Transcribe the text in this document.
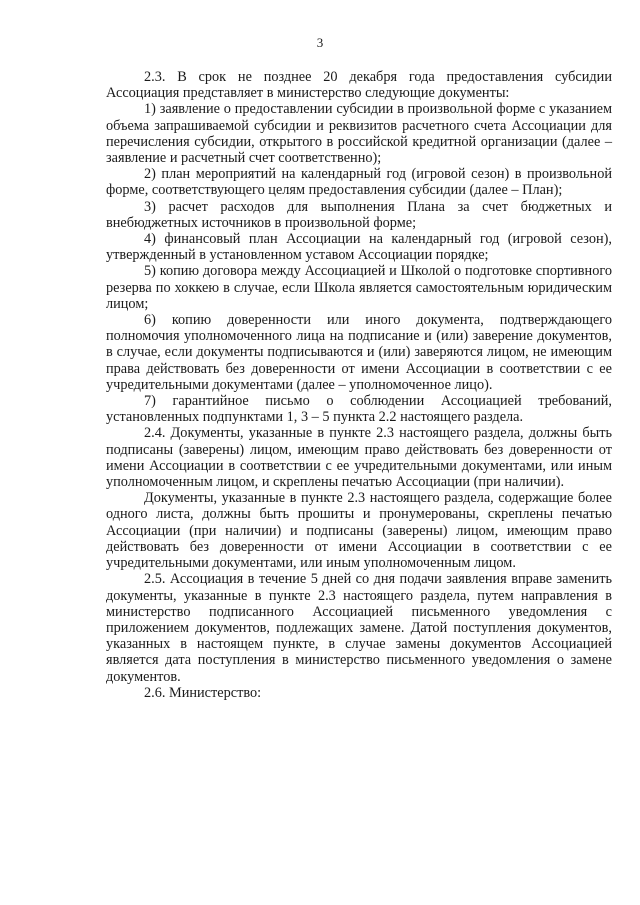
3

2.3. В срок не позднее 20 декабря года предоставления субсидии Ассоциация представляет в министерство следующие документы:

1) заявление о предоставлении субсидии в произвольной форме с указанием объема запрашиваемой субсидии и реквизитов расчетного счета Ассоциации для перечисления субсидии, открытого в российской кредитной организации (далее – заявление и расчетный счет соответственно);

2) план мероприятий на календарный год (игровой сезон) в произвольной форме, соответствующего целям предоставления субсидии (далее – План);

3) расчет расходов для выполнения Плана за счет бюджетных и внебюджетных источников в произвольной форме;

4) финансовый план Ассоциации на календарный год (игровой сезон), утвержденный в установленном уставом Ассоциации порядке;

5) копию договора между Ассоциацией и Школой о подготовке спортивного резерва по хоккею в случае, если Школа является самостоятельным юридическим лицом;

6) копию доверенности или иного документа, подтверждающего полномочия уполномоченного лица на подписание и (или) заверение документов, в случае, если документы подписываются и (или) заверяются лицом, не имеющим права действовать без доверенности от имени Ассоциации в соответствии с ее учредительными документами (далее – уполномоченное лицо).

7) гарантийное письмо о соблюдении Ассоциацией требований, установленных подпунктами 1, 3 – 5 пункта 2.2 настоящего раздела.

2.4. Документы, указанные в пункте 2.3 настоящего раздела, должны быть подписаны (заверены) лицом, имеющим право действовать без доверенности от имени Ассоциации в соответствии с ее учредительными документами, или иным уполномоченным лицом, и скреплены печатью Ассоциации (при наличии).

Документы, указанные в пункте 2.3 настоящего раздела, содержащие более одного листа, должны быть прошиты и пронумерованы, скреплены печатью Ассоциации (при наличии) и подписаны (заверены) лицом, имеющим право действовать без доверенности от имени Ассоциации в соответствии с ее учредительными документами, или иным уполномоченным лицом.

2.5. Ассоциация в течение 5 дней со дня подачи заявления вправе заменить документы, указанные в пункте 2.3 настоящего раздела, путем направления в министерство подписанного Ассоциацией письменного уведомления с приложением документов, подлежащих замене. Датой поступления документов, указанных в настоящем пункте, в случае замены документов Ассоциацией является дата поступления в министерство письменного уведомления о замене документов.

2.6. Министерство:
